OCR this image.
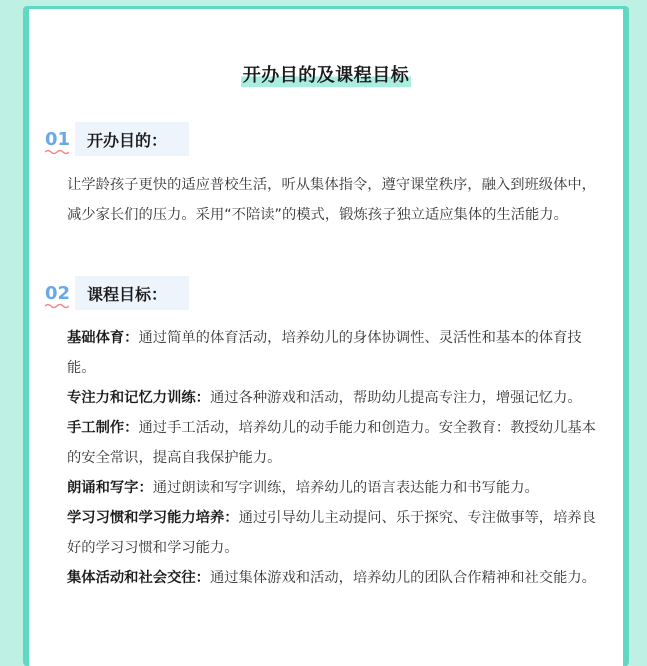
开办目的及课程目标
01 开办目的：

让学龄孩子更快的适应普校生活，听从集体指令，遵守课堂秩序，融入到班级体中，减少家长们的压力。采用“不陪读”的模式，锻炼孩子独立适应集体的生活能力。

02 课程目标：

基础体育：通过简单的体育活动，培养幼儿的身体协调性、灵活性和基本的体育技能。

专注力和记忆力训练：通过各种游戏和活动，帮助幼儿提高专注力，增强记忆力。

手工制作：通过手工活动，培养幼儿的动手能力和创造力。安全教育：教授幼儿基本的安全常识，提高自我保护能力。

朗诵和写字：通过朗读和写字训练，培养幼儿的语言表达能力和书写能力。

学习习惯和学习能力培养：通过引导幼儿主动提问、乐于探究、专注做事等，培养良好的学习习惯和学习能力。

集体活动和社会交往：通过集体游戏和活动，培养幼儿的团队合作精神和社交能力。
